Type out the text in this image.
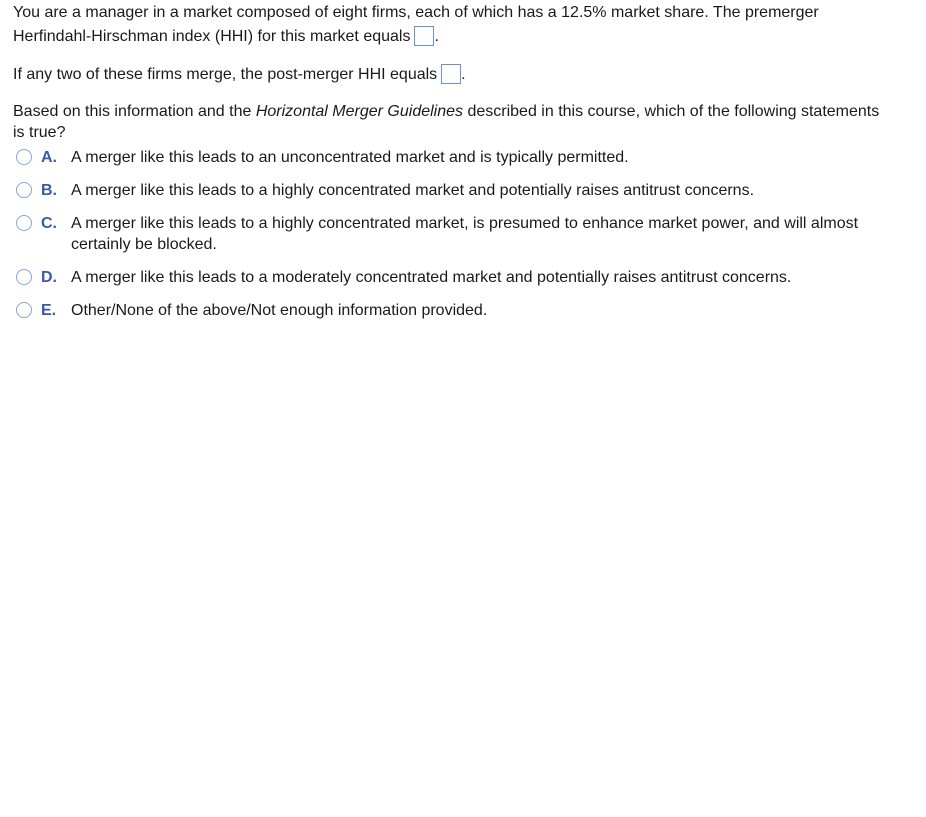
You are a manager in a market composed of eight firms, each of which has a 12.5% market share. The premerger Herfindahl-Hirschman index (HHI) for this market equals .

If any two of these firms merge, the post-merger HHI equals .

Based on this information and the Horizontal Merger Guidelines described in this course, which of the following statements is true?

A. A merger like this leads to an unconcentrated market and is typically permitted.
B. A merger like this leads to a highly concentrated market and potentially raises antitrust concerns.
C. A merger like this leads to a highly concentrated market, is presumed to enhance market power, and will almost certainly be blocked.
D. A merger like this leads to a moderately concentrated market and potentially raises antitrust concerns.
E. Other/None of the above/Not enough information provided.
